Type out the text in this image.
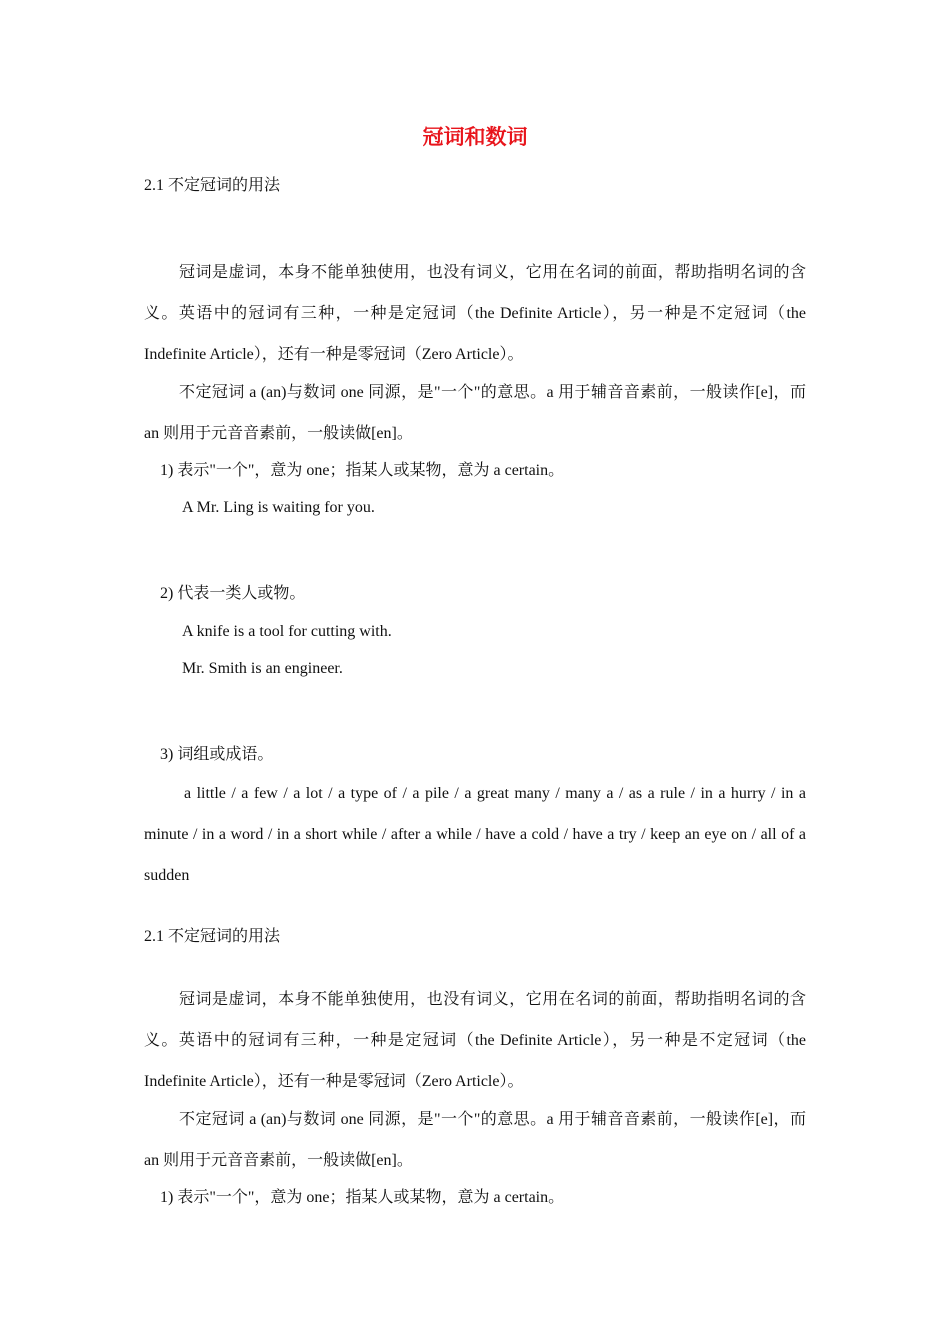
冠词和数词

2.1 不定冠词的用法

冠词是虚词，本身不能单独使用，也没有词义，它用在名词的前面，帮助指明名词的含义。英语中的冠词有三种，一种是定冠词（the Definite Article），另一种是不定冠词（the Indefinite Article），还有一种是零冠词（Zero Article）。

不定冠词 a (an)与数词 one 同源，是"一个"的意思。a 用于辅音音素前，一般读作[e]，而 an 则用于元音音素前，一般读做[en]。

1) 表示"一个"，意为 one；指某人或某物，意为 a certain。

A Mr. Ling is waiting for you.

2) 代表一类人或物。

A knife is a tool for cutting with.

Mr. Smith is an engineer.

3) 词组或成语。

a little / a few / a lot / a type of / a pile / a great many / many a / as a rule / in a hurry / in a minute / in a word / in a short while / after a while / have a cold / have a try / keep an eye on / all of a sudden

2.1 不定冠词的用法

冠词是虚词，本身不能单独使用，也没有词义，它用在名词的前面，帮助指明名词的含义。英语中的冠词有三种，一种是定冠词（the Definite Article），另一种是不定冠词（the Indefinite Article），还有一种是零冠词（Zero Article）。

不定冠词 a (an)与数词 one 同源，是"一个"的意思。a 用于辅音音素前，一般读作[e]，而 an 则用于元音音素前，一般读做[en]。

1) 表示"一个"，意为 one；指某人或某物，意为 a certain。
